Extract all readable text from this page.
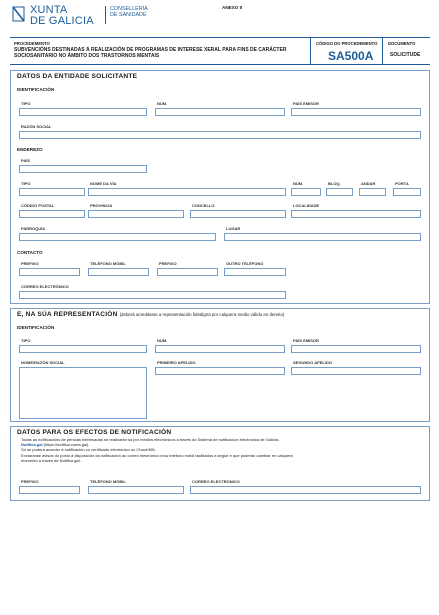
XUNTA
DE GALICIA
CONSELLERÍA
DE SANIDADE
ANEXO II
PROCEDEMENTO
SUBVENCIÓNS DESTINADAS Á REALIZACIÓN DE PROGRAMAS DE INTERESE XERAL PARA FINS DE CARÁCTER SOCIOSANITARIO NO ÁMBITO DOS TRASTORNOS MENTAIS
CÓDIGO DO PROCEDEMENTO
SA500A
DOCUMENTO
SOLICITUDE
DATOS DA ENTIDADE SOLICITANTE
IDENTIFICACIÓN
TIPO	NÚM.	PAÍS EMISOR
RAZÓN SOCIAL
ENDEREZO
PAÍS
TIPO	NOME DA VÍA	NÚM.	BLOQ.	ANDAR	PORTA
CÓDIGO POSTAL	PROVINCIA	CONCELLO	LOCALIDADE
PARROQUIA	LUGAR
CONTACTO
PREFIXO	TELÉFONO MÓBIL	PREFIXO	OUTRO TELÉFONO
CORREO ELECTRÓNICO
E, NA SÚA REPRESENTACIÓN (deberá acreditarse a representación fidedigna por calquera medio válido en dereito)
IDENTIFICACIÓN
TIPO	NÚM.	PAÍS EMISOR
NOME/RAZÓN SOCIAL	PRIMEIRO APELIDO	SEGUNDO APELIDO
DATOS PARA OS EFECTOS DE NOTIFICACIÓN
Todas as notificacións de persoas interesadas se realizarán só por medios electrónicos a través do Sistema de notificación electrónica de Galicia -
Notifica.gal (https://notifica.xunta.gal).
Só se poderá acceder á notificación co certificado electrónico ou Chave365.
Enviaranse avisos do posto á disposición da notificación ao correo electrónico e/ou teléfono móbil facilitados a seguir e que poderán cambiar en calquera
momento a través de Notifica.gal:
PREFIXO	TELÉFONO MÓBIL	CORREO ELECTRÓNICO
